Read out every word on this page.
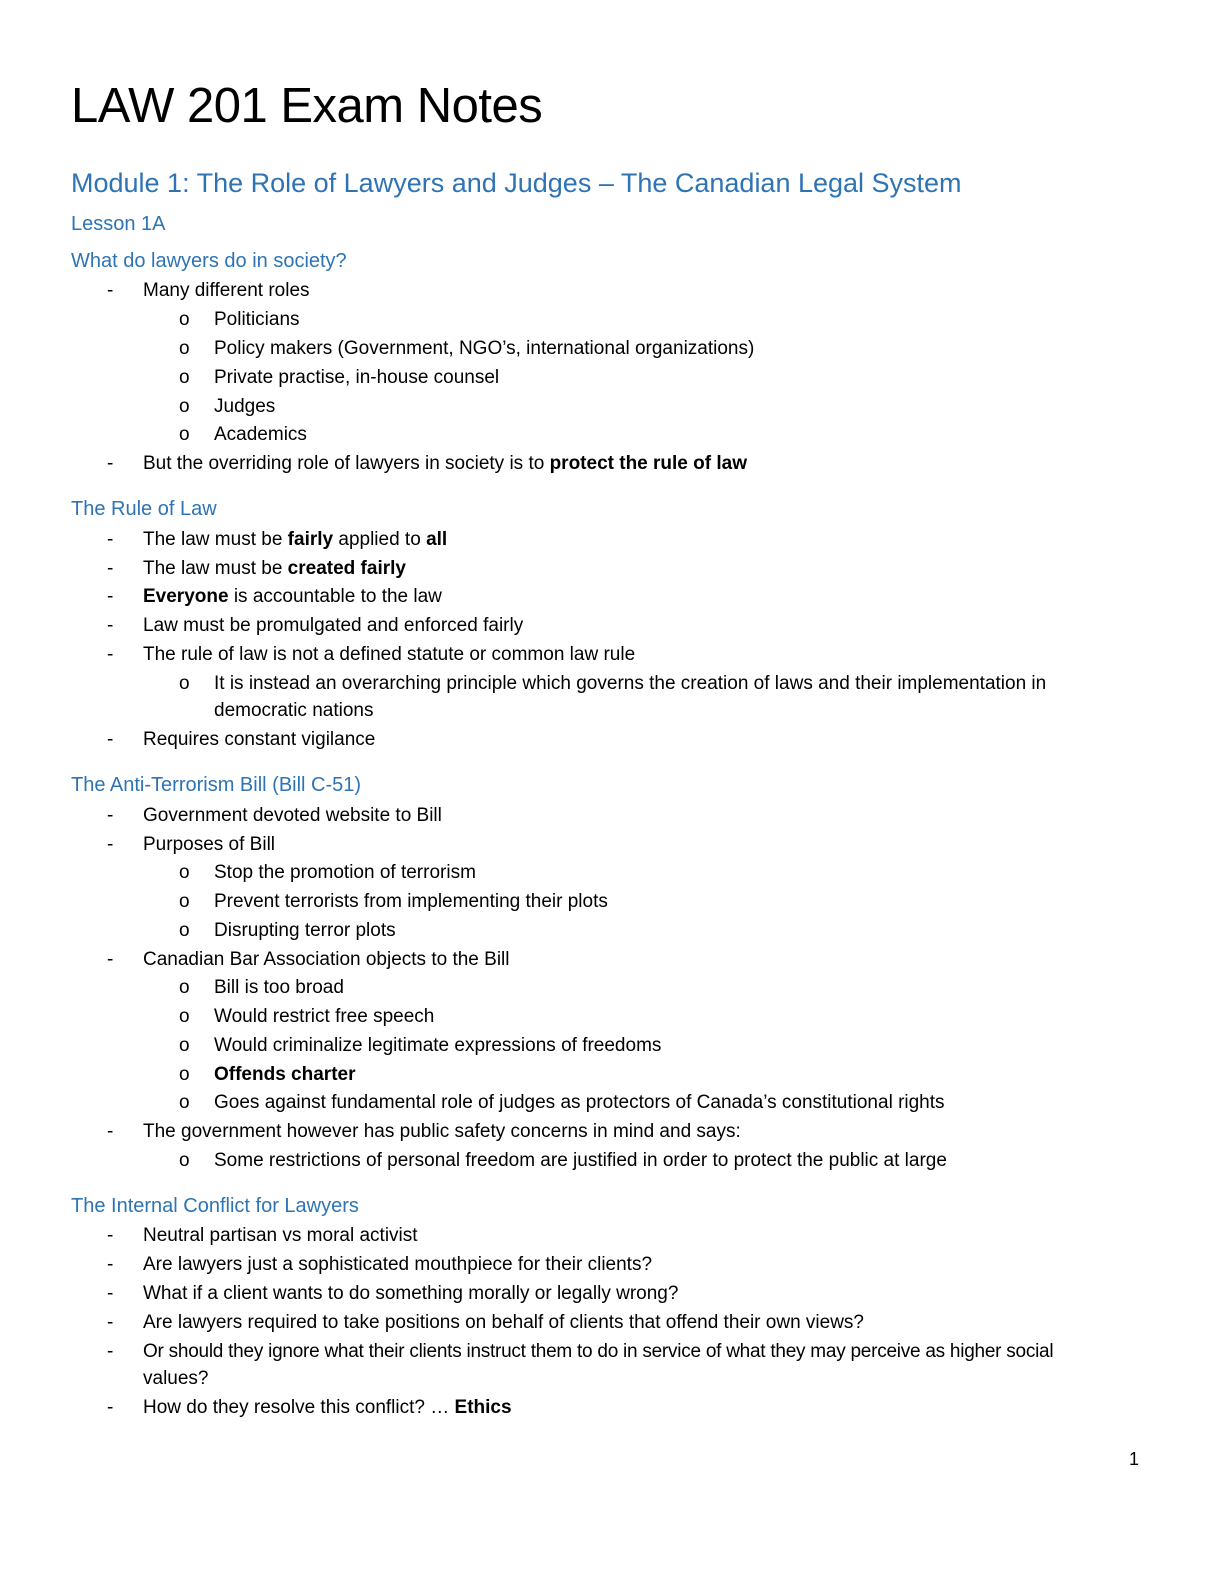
LAW 201 Exam Notes
Module 1: The Role of Lawyers and Judges – The Canadian Legal System
Lesson 1A
What do lawyers do in society?
- Many different roles
o Politicians
o Policy makers (Government, NGO’s, international organizations)
o Private practise, in-house counsel
o Judges
o Academics
- But the overriding role of lawyers in society is to protect the rule of law
The Rule of Law
- The law must be fairly applied to all
- The law must be created fairly
- Everyone is accountable to the law
- Law must be promulgated and enforced fairly
- The rule of law is not a defined statute or common law rule
o It is instead an overarching principle which governs the creation of laws and their implementation in
democratic nations
- Requires constant vigilance
The Anti-Terrorism Bill (Bill C-51)
- Government devoted website to Bill
- Purposes of Bill
o Stop the promotion of terrorism
o Prevent terrorists from implementing their plots
o Disrupting terror plots
- Canadian Bar Association objects to the Bill
o Bill is too broad
o Would restrict free speech
o Would criminalize legitimate expressions of freedoms
o Offends charter
o Goes against fundamental role of judges as protectors of Canada’s constitutional rights
- The government however has public safety concerns in mind and says:
o Some restrictions of personal freedom are justified in order to protect the public at large
The Internal Conflict for Lawyers
- Neutral partisan vs moral activist
- Are lawyers just a sophisticated mouthpiece for their clients?
- What if a client wants to do something morally or legally wrong?
- Are lawyers required to take positions on behalf of clients that offend their own views?
- Or should they ignore what their clients instruct them to do in service of what they may perceive as higher social
values?
- How do they resolve this conflict? … Ethics
1
